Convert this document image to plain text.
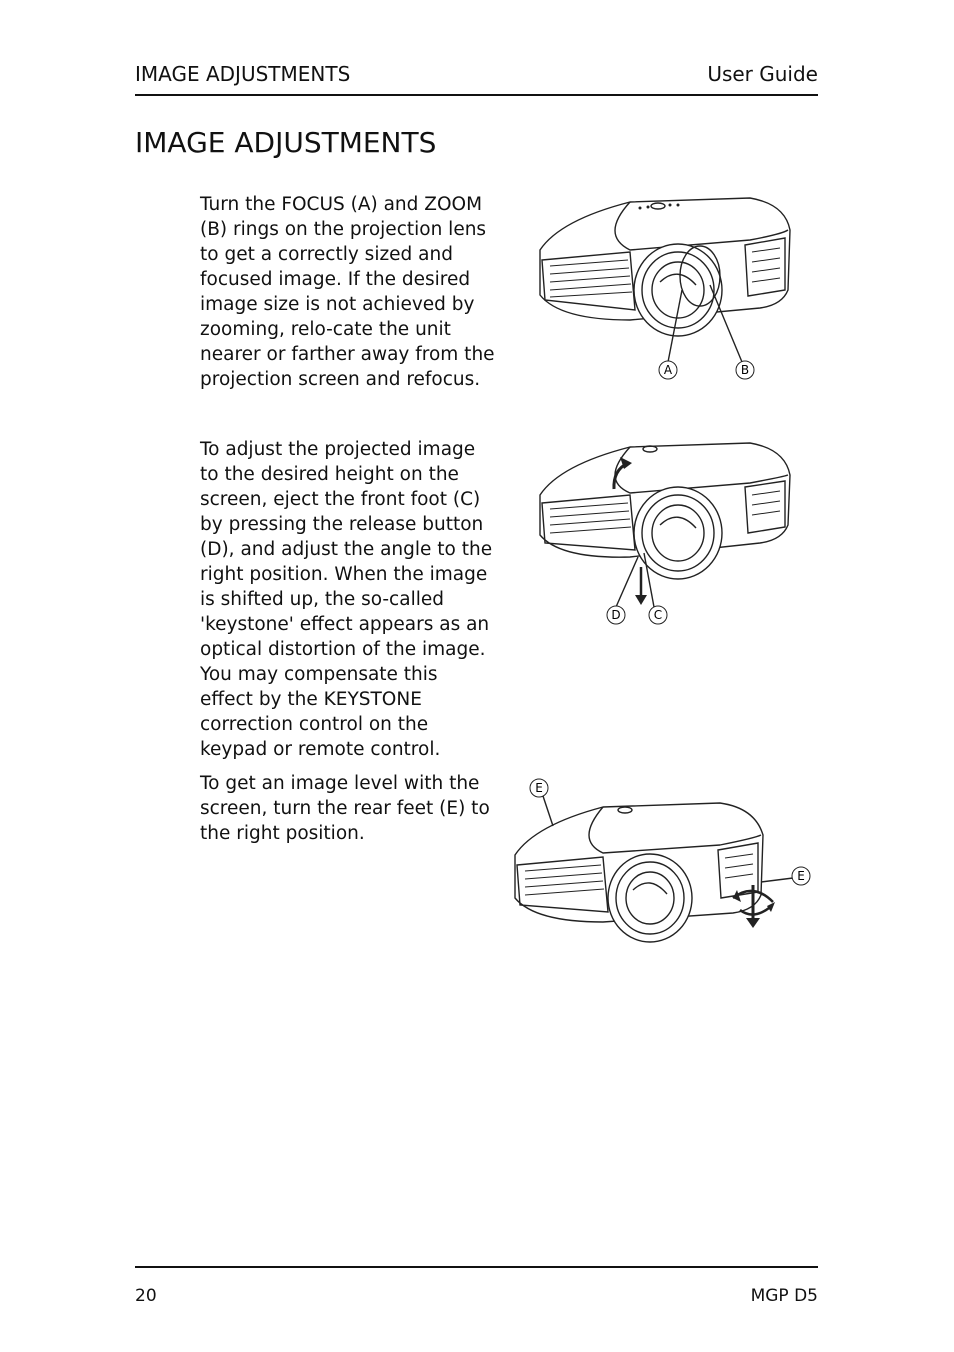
IMAGE ADJUSTMENTS	User Guide
IMAGE ADJUSTMENTS

Turn the FOCUS (A) and ZOOM (B) rings on the projection lens to get a correctly sized and focused image. If the desired image size is not achieved by zooming, relo-cate the unit nearer or farther away from the projection screen and refocus.

To adjust the projected image to the desired height on the screen, eject the front foot (C) by pressing the release button (D), and adjust the angle to the right position. When the image is shifted up, the so-called 'keystone' effect appears as an optical distortion of the image. You may compensate this effect by the KEYSTONE correction control on the keypad or remote control.

To get an image level with the screen, turn the rear feet (E) to the right position.

A	B
D	C
E
E
20	MGP D5
